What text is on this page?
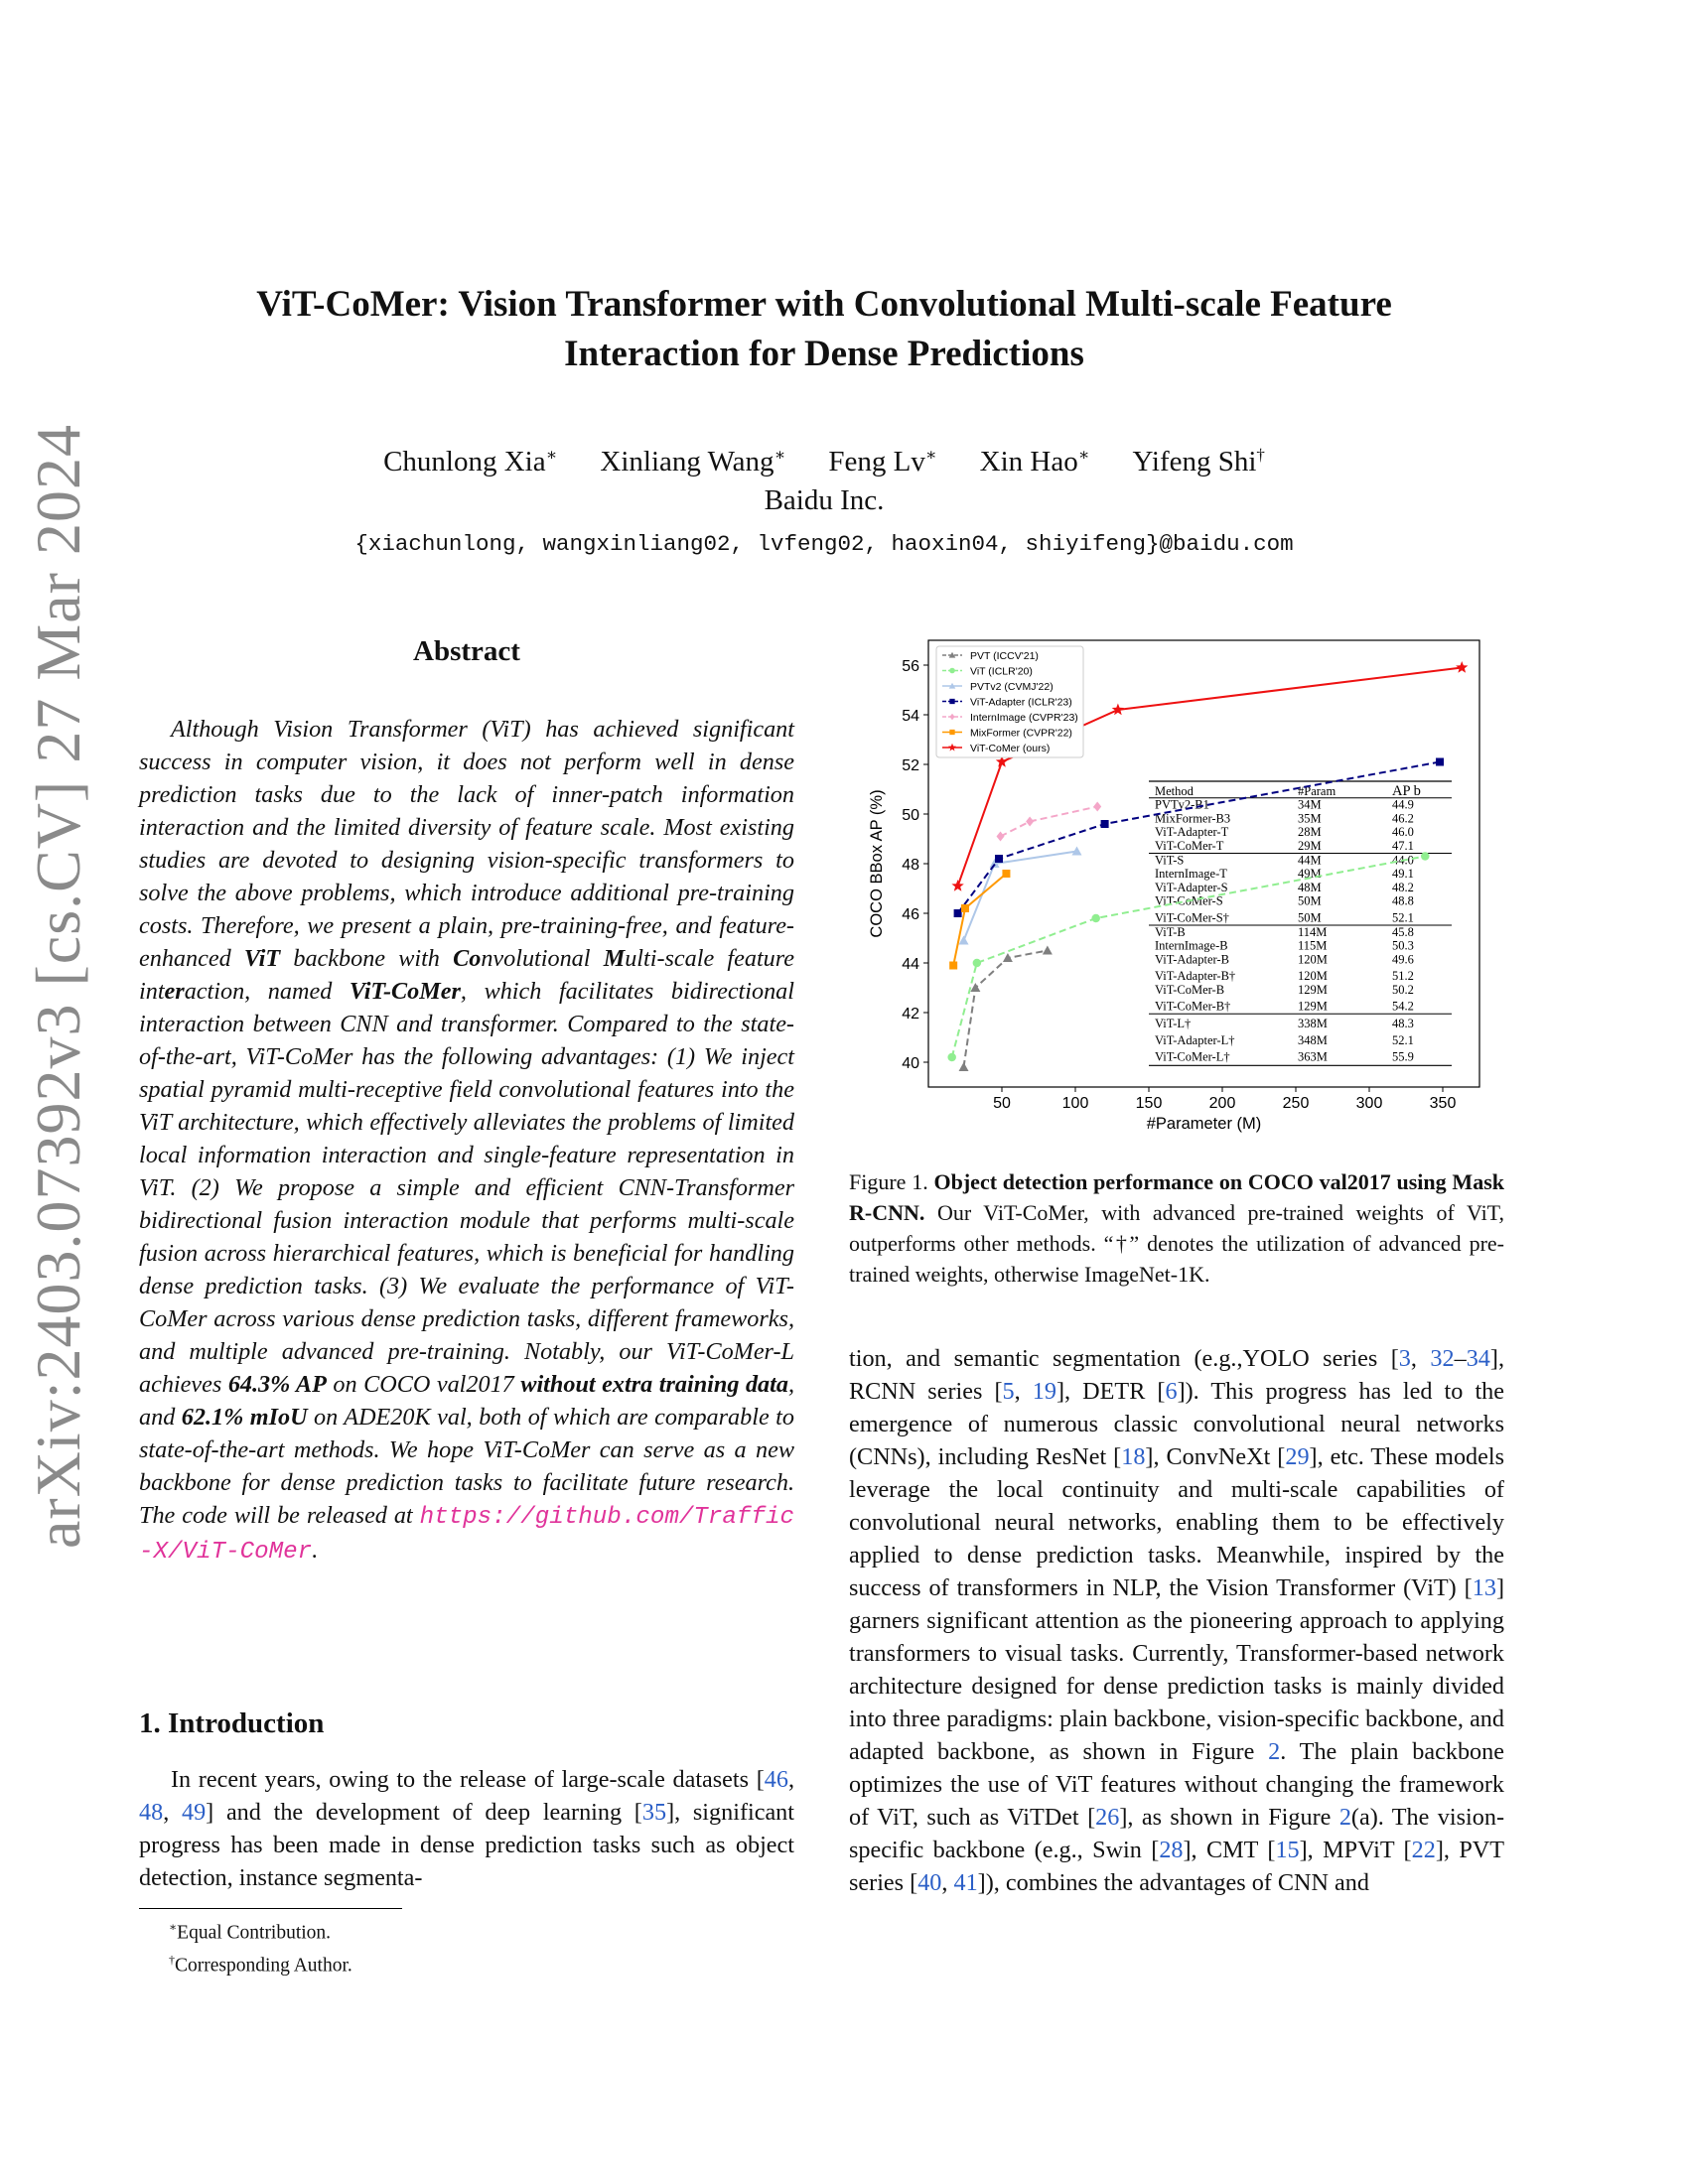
arXiv:2403.07392v3 [cs.CV] 27 Mar 2024
ViT-CoMer: Vision Transformer with Convolutional Multi-scale Feature
Interaction for Dense Predictions
Chunlong Xia∗ Xinliang Wang∗ Feng Lv∗ Xin Hao∗ Yifeng Shi†
Baidu Inc.
{xiachunlong, wangxinliang02, lvfeng02, haoxin04, shiyifeng}@baidu.com
Abstract
Although Vision Transformer (ViT) has achieved significant success in computer vision, it does not perform well in dense prediction tasks due to the lack of inner-patch information interaction and the limited diversity of feature scale. Most existing studies are devoted to designing vision-specific transformers to solve the above problems, which introduce additional pre-training costs. Therefore, we present a plain, pre-training-free, and feature-enhanced ViT backbone with Convolutional Multi-scale feature interaction, named ViT-CoMer, which facilitates bidirectional interaction between CNN and transformer. Compared to the state-of-the-art, ViT-CoMer has the following advantages: (1) We inject spatial pyramid multi-receptive field convolutional features into the ViT architecture, which effectively alleviates the problems of limited local information interaction and single-feature representation in ViT. (2) We propose a simple and efficient CNN-Transformer bidirectional fusion interaction module that performs multi-scale fusion across hierarchical features, which is beneficial for handling dense prediction tasks. (3) We evaluate the performance of ViT-CoMer across various dense prediction tasks, different frameworks, and multiple advanced pre-training. Notably, our ViT-CoMer-L achieves 64.3% AP on COCO val2017 without extra training data, and 62.1% mIoU on ADE20K val, both of which are comparable to state-of-the-art methods. We hope ViT-CoMer can serve as a new backbone for dense prediction tasks to facilitate future research. The code will be released at https://github.com/Traffic-X/ViT-CoMer.
1. Introduction
In recent years, owing to the release of large-scale datasets [46, 48, 49] and the development of deep learning [35], significant progress has been made in dense prediction tasks such as object detection, instance segmenta-
∗Equal Contribution.
†Corresponding Author.
50	100	150	200	250	300	350
40
42
44
46
48
50
52
54
56
#Parameter (M)
COCO BBox AP (%)	Method	#Param	AP b
PVTv2-B1	34M	44.9
MixFormer-B3	35M	46.2
ViT-Adapter-T	28M	46.0
ViT-CoMer-T	29M	47.1
ViT-S	44M	44.0
InternImage-T	49M	49.1
ViT-Adapter-S	48M	48.2
ViT-CoMer-S	50M	48.8
ViT-CoMer-S†	50M	52.1
ViT-B	114M	45.8
InternImage-B	115M	50.3
ViT-Adapter-B	120M	49.6
ViT-Adapter-B†	120M	51.2
ViT-CoMer-B	129M	50.2
ViT-CoMer-B†	129M	54.2
ViT-L†	338M	48.3
ViT-Adapter-L†	348M	52.1
ViT-CoMer-L†	363M	55.9
PVT (ICCV'21)
ViT (ICLR'20)
PVTv2 (CVMJ'22)
ViT-Adapter (ICLR'23)
InternImage (CVPR'23)
MixFormer (CVPR'22)
ViT-CoMer (ours)
Figure 1. Object detection performance on COCO val2017 using Mask R-CNN. Our ViT-CoMer, with advanced pre-trained weights of ViT, outperforms other methods. “†” denotes the utilization of advanced pre-trained weights, otherwise ImageNet-1K.
tion, and semantic segmentation (e.g.,YOLO series [3, 32–34], RCNN series [5, 19], DETR [6]). This progress has led to the emergence of numerous classic convolutional neural networks (CNNs), including ResNet [18], ConvNeXt [29], etc. These models leverage the local continuity and multi-scale capabilities of convolutional neural networks, enabling them to be effectively applied to dense prediction tasks. Meanwhile, inspired by the success of transformers in NLP, the Vision Transformer (ViT) [13] garners significant attention as the pioneering approach to applying transformers to visual tasks. Currently, Transformer-based network architecture designed for dense prediction tasks is mainly divided into three paradigms: plain backbone, vision-specific backbone, and adapted backbone, as shown in Figure 2. The plain backbone optimizes the use of ViT features without changing the framework of ViT, such as ViTDet [26], as shown in Figure 2(a). The vision-specific backbone (e.g., Swin [28], CMT [15], MPViT [22], PVT series [40, 41]), combines the advantages of CNN and
